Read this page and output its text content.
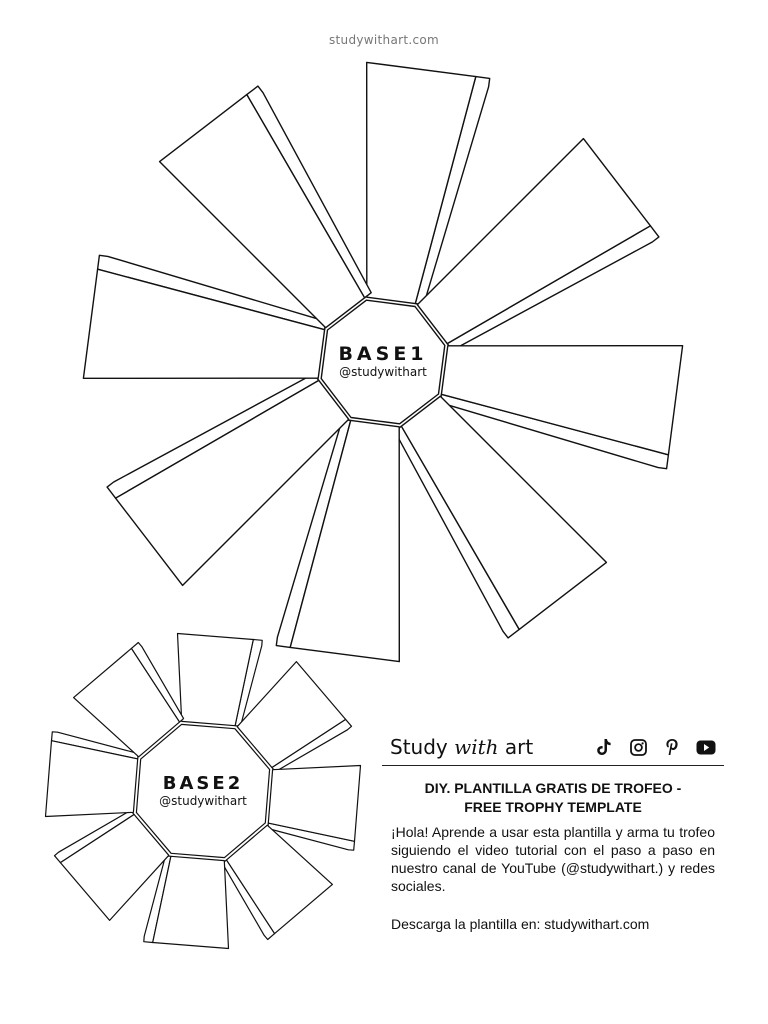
studywithart.com
BASE1
@studywithart
BASE2
@studywithart
Study with art
DIY. PLANTILLA GRATIS DE TROFEO -
FREE TROPHY TEMPLATE
¡Hola! Aprende a usar esta plantilla y arma tu trofeo siguiendo el video tutorial con el paso a paso en nuestro canal de YouTube (@studywithart.) y redes sociales.
Descarga la plantilla en: studywithart.com
